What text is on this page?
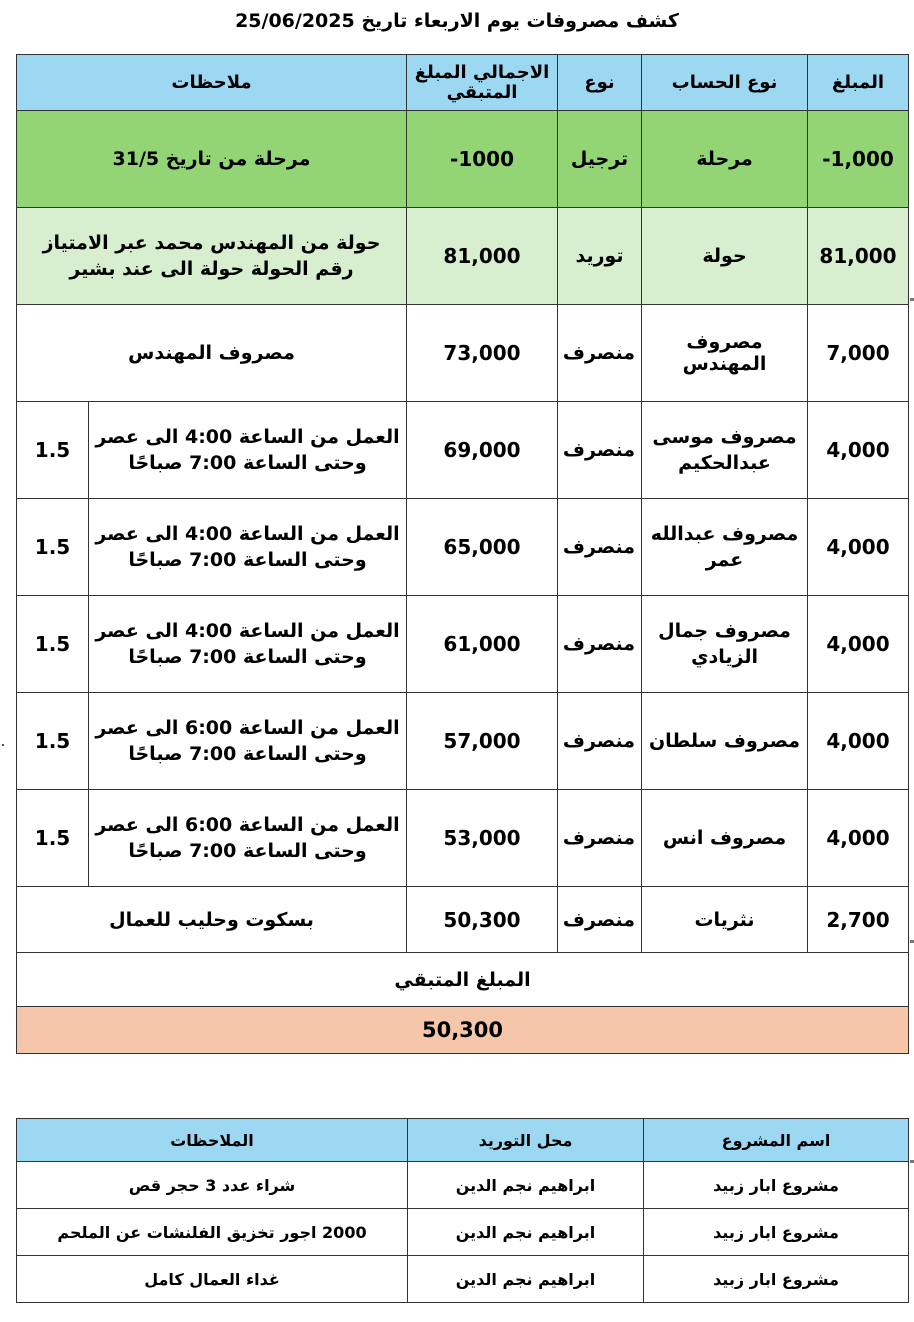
كشف مصروفات يوم الاربعاء تاريخ 25/06/2025
المبلغ	نوع الحساب	نوع	الاجمالي المبلغ المتبقي	ملاحظات	
-1,000	مرحلة	ترجيل	-1000	مرحلة من تاريخ 31/5	
81,000	حولة	توريد	81,000	حولة من المهندس محمد عبر الامتياز رقم الحولة حولة الى عند بشير	
7,000	مصروف المهندس	منصرف	73,000	مصروف المهندس	
4,000	مصروف موسى عبدالحكيم	منصرف	69,000	العمل من الساعة 4:00 الى عصر وحتى الساعة 7:00 صباحًا	1.5
4,000	مصروف عبدالله عمر	منصرف	65,000	العمل من الساعة 4:00 الى عصر وحتى الساعة 7:00 صباحًا	1.5
4,000	مصروف جمال الزيادي	منصرف	61,000	العمل من الساعة 4:00 الى عصر وحتى الساعة 7:00 صباحًا	1.5
4,000	مصروف سلطان	منصرف	57,000	العمل من الساعة 6:00 الى عصر وحتى الساعة 7:00 صباحًا	1.5
4,000	مصروف انس	منصرف	53,000	العمل من الساعة 6:00 الى عصر وحتى الساعة 7:00 صباحًا	1.5
2,700	نثريات	منصرف	50,300	بسكوت وحليب للعمال	
المبلغ المتبقي					
50,300					
اسم المشروع	محل التوريد	الملاحظات
مشروع ابار زبيد	ابراهيم نجم الدين	شراء عدد 3 حجر قص
مشروع ابار زبيد	ابراهيم نجم الدين	2000 اجور تخزيق الفلنشات عن الملحم
مشروع ابار زبيد	ابراهيم نجم الدين	غداء العمال كامل
